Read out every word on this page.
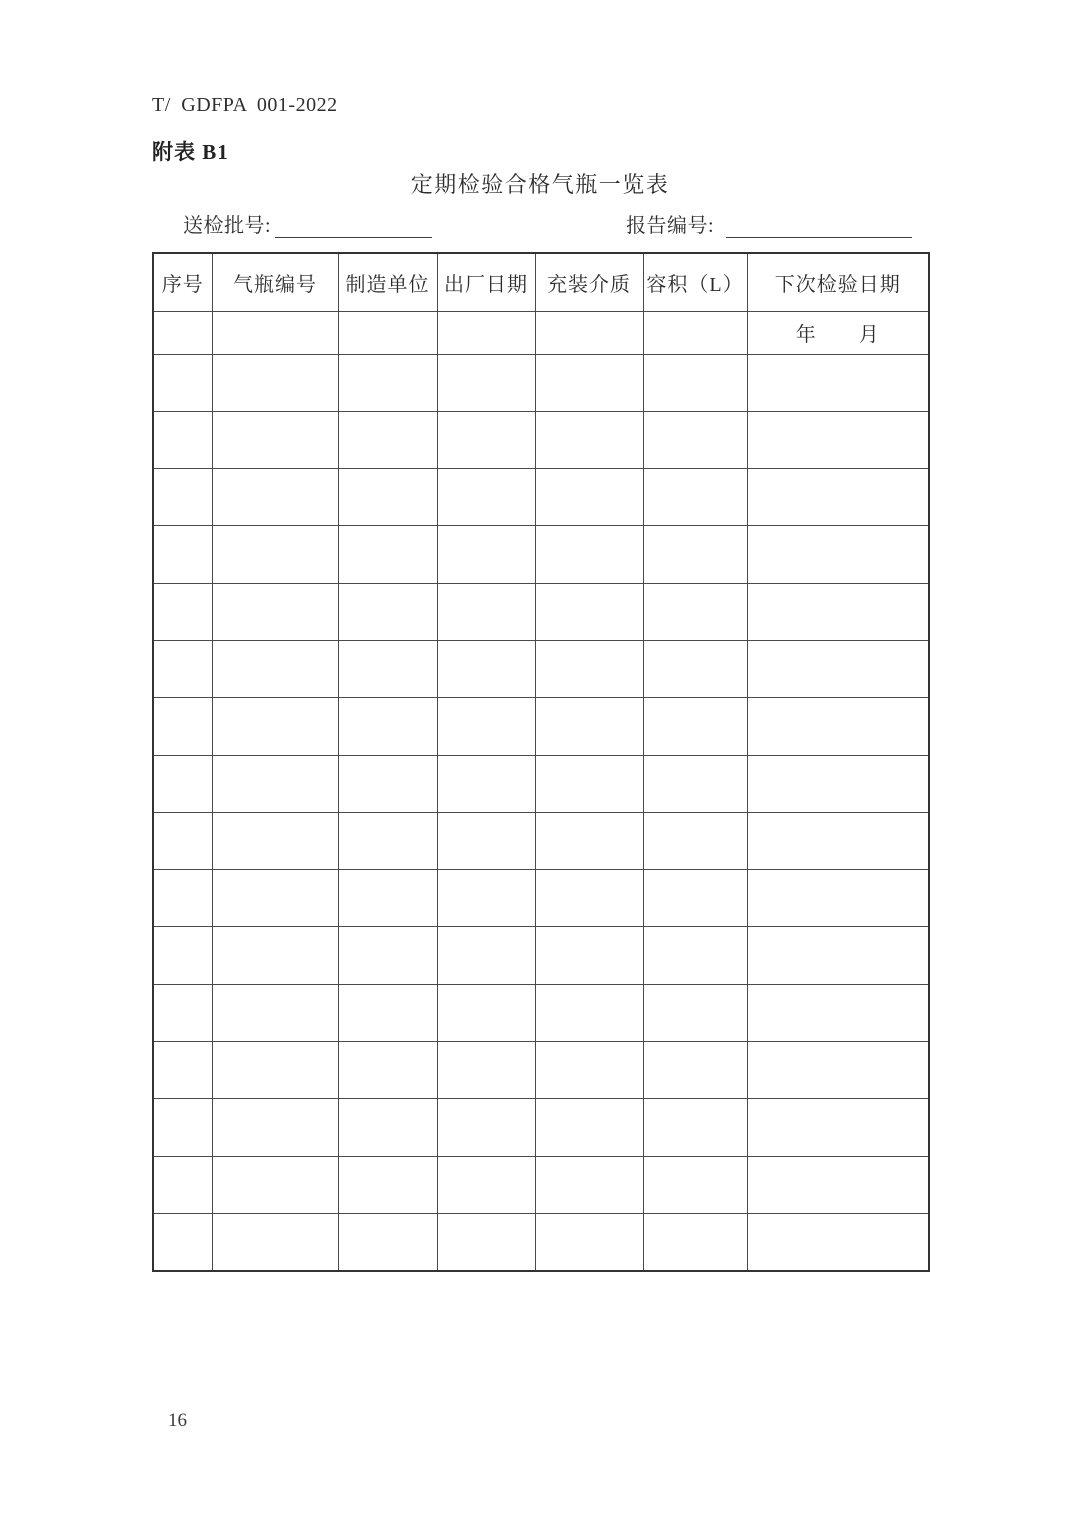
T/ GDFPA 001-2022
附表 B1
定期检验合格气瓶一览表
送检批号:	报告编号:
序号	气瓶编号	制造单位	出厂日期	充装介质	容积（L）	下次检验日期
						年　　月

16
